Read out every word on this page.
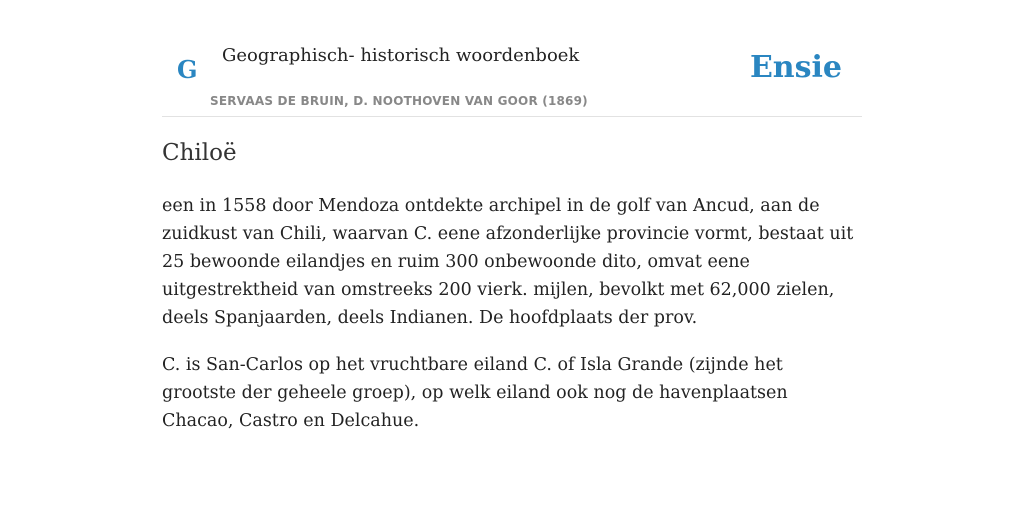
G Geographisch- historisch woordenboek
SERVAAS DE BRUIN, D. NOOTHOVEN VAN GOOR (1869)
Ensie
Chiloë

een in 1558 door Mendoza ontdekte archipel in de golf van Ancud, aan de zuidkust van Chili, waarvan C. eene afzonderlijke provincie vormt, bestaat uit 25 bewoonde eilandjes en ruim 300 onbewoonde dito, omvat eene uitgestrektheid van omstreeks 200 vierk. mijlen, bevolkt met 62,000 zielen, deels Spanjaarden, deels Indianen. De hoofdplaats der prov.

C. is San-Carlos op het vruchtbare eiland C. of Isla Grande (zijnde het grootste der geheele groep), op welk eiland ook nog de havenplaatsen Chacao, Castro en Delcahue.
